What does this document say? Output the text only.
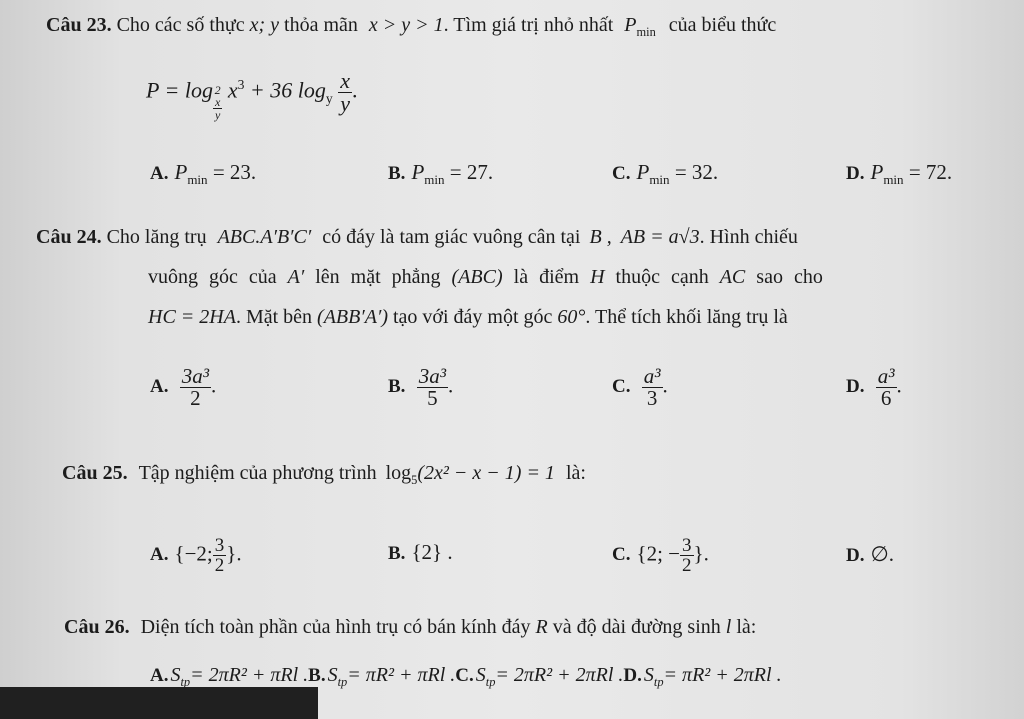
Câu 23. Cho các số thực x; y thỏa mãn x > y > 1. Tìm giá trị nhỏ nhất $P_{min}$ của biểu thức
P = log 2
$\frac{x}{y}$
$x^3 + 36$ $\log_y \frac{x}{y}$ .
A. $P_{min} = 23$.	B. $P_{min} = 27$.	C. $P_{min} = 32$.	D. $P_{min} = 72$.
Câu 24. Cho lăng trụ ABC.A′B′C′ có đáy là tam giác vuông cân tại B , AB = a√3. Hình chiếu
vuông góc của A′ lên mặt phẳng (ABC) là điểm H thuộc cạnh AC sao cho
HC = 2HA. Mặt bên (ABB′A′) tạo với đáy một góc 60°. Thể tích khối lăng trụ là
A. $\frac{\text{3a³}}{2}$ .	B. $\frac{\text{3a³}}{5}$ .	C. $\frac{\text{a³}}{3}$ .	D. $\frac{\text{a³}}{6}$ .
Câu 25. Tập nghiệm của phương trình $\log_5(2x^2 - x - 1) = 1$ là:
A. {−2; $\frac{3}{2}$ }.	B. {2} .	C. {2; − $\frac{3}{2}$ }.	D. ∅.
Câu 26. Diện tích toàn phần của hình trụ có bán kính đáy R và độ dài đường sinh l là:
A. $S_{tp}= 2\pi R^2 + \pi Rl$ .B. $S_{tp}= \pi R^2 + \pi Rl$ .C. $S_{tp}= 2\pi R^2 + 2\pi Rl$ .D. $S_{tp}= \pi R^2 + 2\pi Rl$ .
